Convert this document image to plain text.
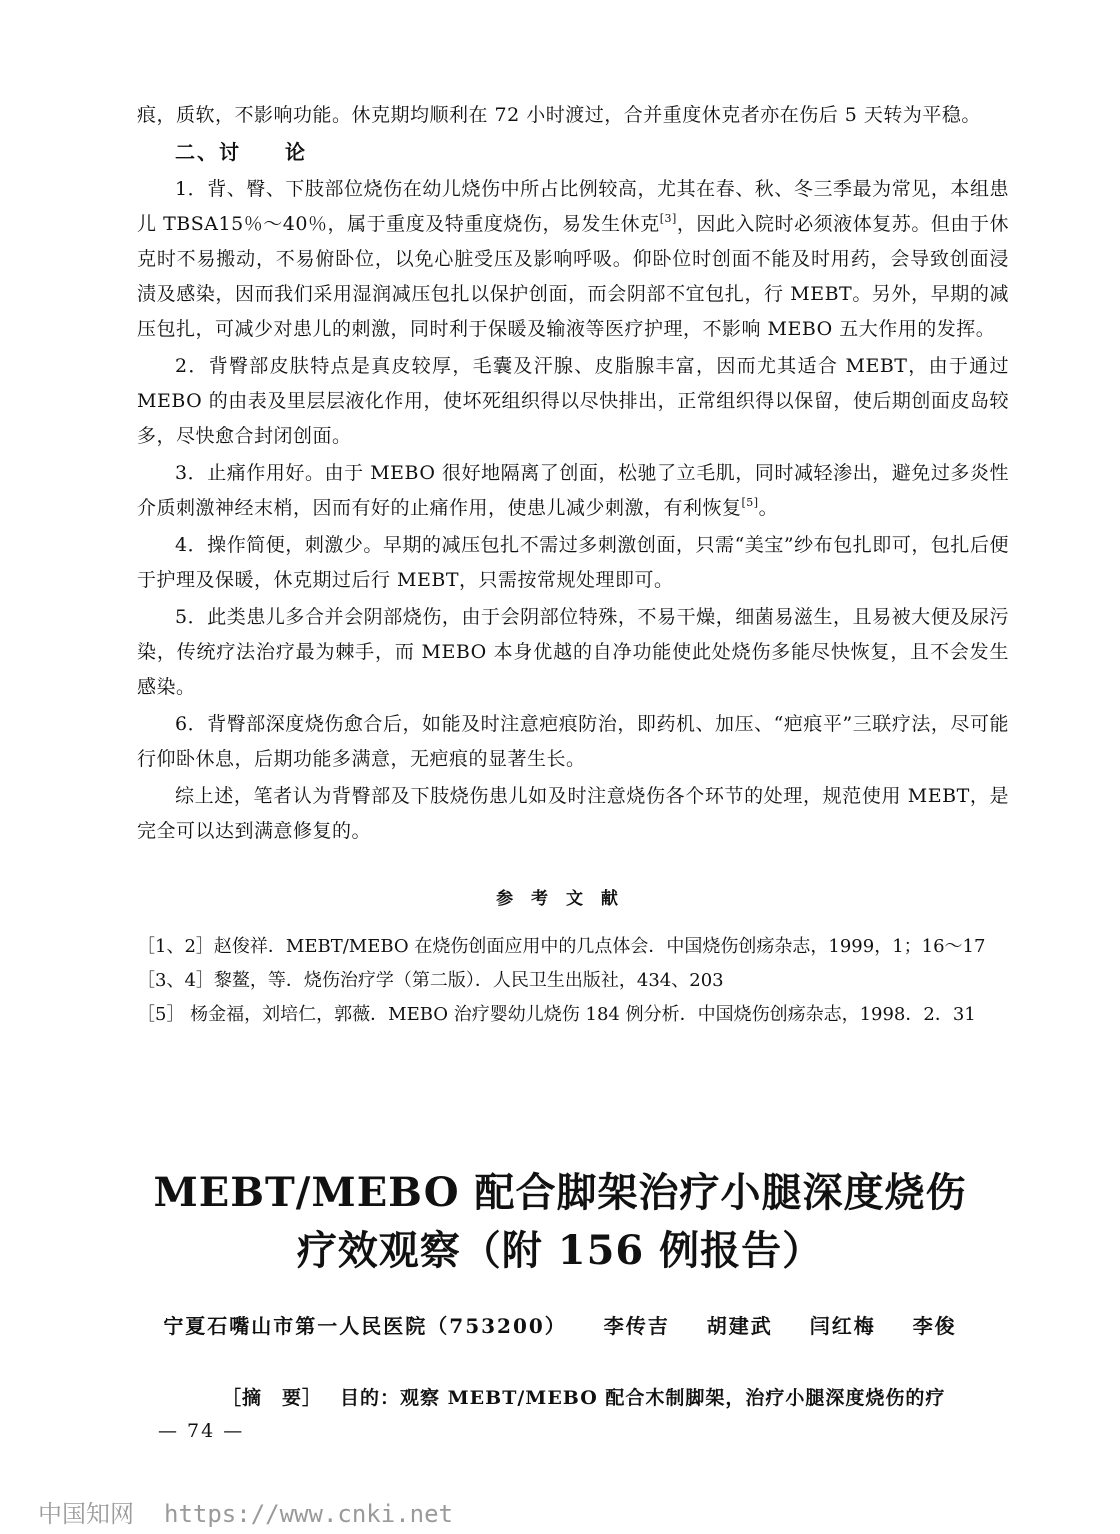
痕，质软，不影响功能。休克期均顺利在 72 小时渡过，合并重度休克者亦在伤后 5 天转为平稳。

二、讨　　论

1．背、臀、下肢部位烧伤在幼儿烧伤中所占比例较高，尤其在春、秋、冬三季最为常见，本组患儿 TBSA15％～40％，属于重度及特重度烧伤，易发生休克[3]，因此入院时必须液体复苏。但由于休克时不易搬动，不易俯卧位，以免心脏受压及影响呼吸。仰卧位时创面不能及时用药，会导致创面浸渍及感染，因而我们采用湿润减压包扎以保护创面，而会阴部不宜包扎，行 MEBT。另外，早期的减压包扎，可减少对患儿的刺激，同时利于保暖及输液等医疗护理，不影响 MEBO 五大作用的发挥。

2．背臀部皮肤特点是真皮较厚，毛囊及汗腺、皮脂腺丰富，因而尤其适合 MEBT，由于通过 MEBO 的由表及里层层液化作用，使坏死组织得以尽快排出，正常组织得以保留，使后期创面皮岛较多，尽快愈合封闭创面。

3．止痛作用好。由于 MEBO 很好地隔离了创面，松驰了立毛肌，同时减轻渗出，避免过多炎性介质刺激神经末梢，因而有好的止痛作用，使患儿减少刺激，有利恢复[5]。

4．操作简便，刺激少。早期的减压包扎不需过多刺激创面，只需“美宝”纱布包扎即可，包扎后便于护理及保暖，休克期过后行 MEBT，只需按常规处理即可。

5．此类患儿多合并会阴部烧伤，由于会阴部位特殊，不易干燥，细菌易滋生，且易被大便及尿污染，传统疗法治疗最为棘手，而 MEBO 本身优越的自净功能使此处烧伤多能尽快恢复，且不会发生感染。

6．背臀部深度烧伤愈合后，如能及时注意疤痕防治，即药机、加压、“疤痕平”三联疗法，尽可能行仰卧休息，后期功能多满意，无疤痕的显著生长。

综上述，笔者认为背臀部及下肢烧伤患儿如及时注意烧伤各个环节的处理，规范使用 MEBT，是完全可以达到满意修复的。

参 考 文 献

［1、2］赵俊祥．MEBT/MEBO 在烧伤创面应用中的几点体会．中国烧伤创疡杂志，1999，1；16～17

［3、4］黎鳌，等．烧伤治疗学（第二版）．人民卫生出版社，434、203

［5］ 杨金福，刘培仁，郭薇．MEBO 治疗婴幼儿烧伤 184 例分析．中国烧伤创疡杂志，1998．2．31

MEBT/MEBO 配合脚架治疗小腿深度烧伤
疗效观察（附 156 例报告）
宁夏石嘴山市第一人民医院（753200） 李传吉 胡建武 闫红梅 李俊
［摘　要］ 目的：观察 MEBT/MEBO 配合木制脚架，治疗小腿深度烧伤的疗
— 74 —
中国知网 https://www.cnki.net
